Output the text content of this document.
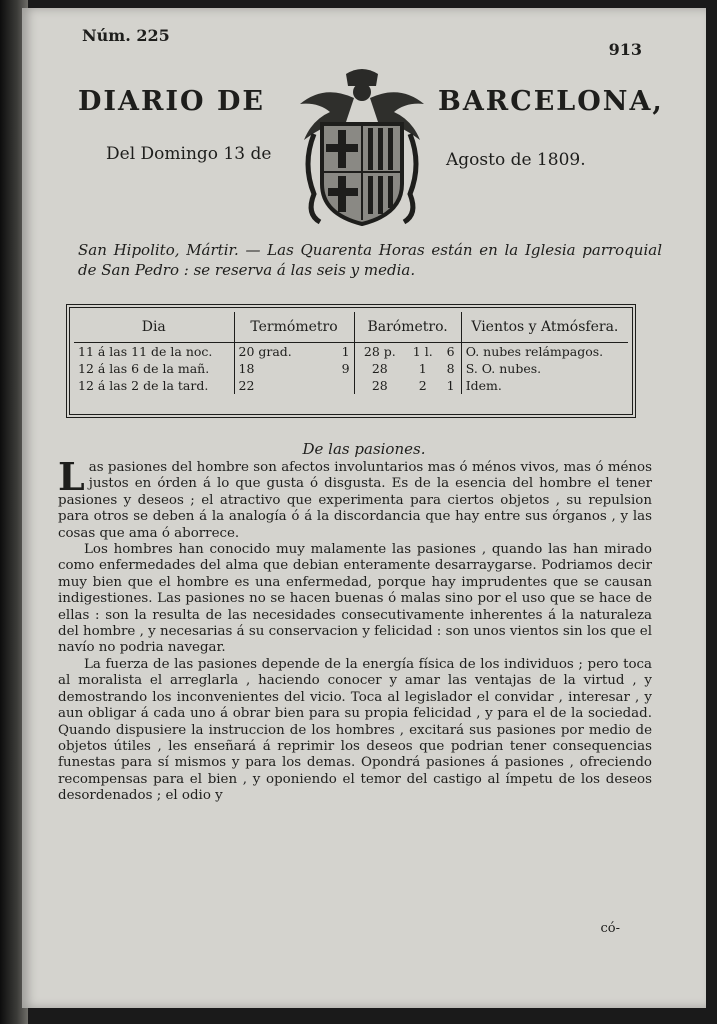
Núm. 225
913
DIARIO DE	BARCELONA,
Del Domingo 13 de	Agosto de 1809.
San Hipolito, Mártir. — Las Quarenta Horas están en la Iglesia parroquial de San Pedro : se reserva á las seis y media.
Dia	Termómetro		Barómetro.			Vientos y Atmósfera.
11 á las 11 de la noc.	20 grad.	1	28 p.	1 l.	6	O. nubes relámpagos.
12 á las 6 de la mañ.	18	9	28	1	8	S. O. nubes.
12 á las 2 de la tard.	22		28	2	1	Idem.
De las pasiones.

Las pasiones del hombre son afectos involuntarios mas ó ménos vivos, mas ó ménos justos en órden á lo que gusta ó disgusta. Es de la esencia del hombre el tener pasiones y deseos ; el atractivo que experimenta para ciertos objetos , su repulsion para otros se deben á la analogía ó á la discordancia que hay entre sus órganos , y las cosas que ama ó aborrece.

Los hombres han conocido muy malamente las pasiones , quando las han mirado como enfermedades del alma que debian enteramente desarraygarse. Podriamos decir muy bien que el hombre es una enfermedad, porque hay imprudentes que se causan indigestiones. Las pasiones no se hacen buenas ó malas sino por el uso que se hace de ellas : son la resulta de las necesidades consecutivamente inherentes á la naturaleza del hombre , y necesarias á su conservacion y felicidad : son unos vientos sin los que el navío no podria navegar.

La fuerza de las pasiones depende de la energía física de los individuos ; pero toca al moralista el arreglarla , haciendo conocer y amar las ventajas de la virtud , y demostrando los inconvenientes del vicio. Toca al legislador el convidar , interesar , y aun obligar á cada uno á obrar bien para su propia felicidad , y para el de la sociedad. Quando dispusiere la instruccion de los hombres , excitará sus pasiones por medio de objetos útiles , les enseñará á reprimir los deseos que podrian tener consequencias funestas para sí mismos y para los demas. Opondrá pasiones á pasiones , ofreciendo recompensas para el bien , y oponiendo el temor del castigo al ímpetu de los deseos desordenados ; el odio y

có-
